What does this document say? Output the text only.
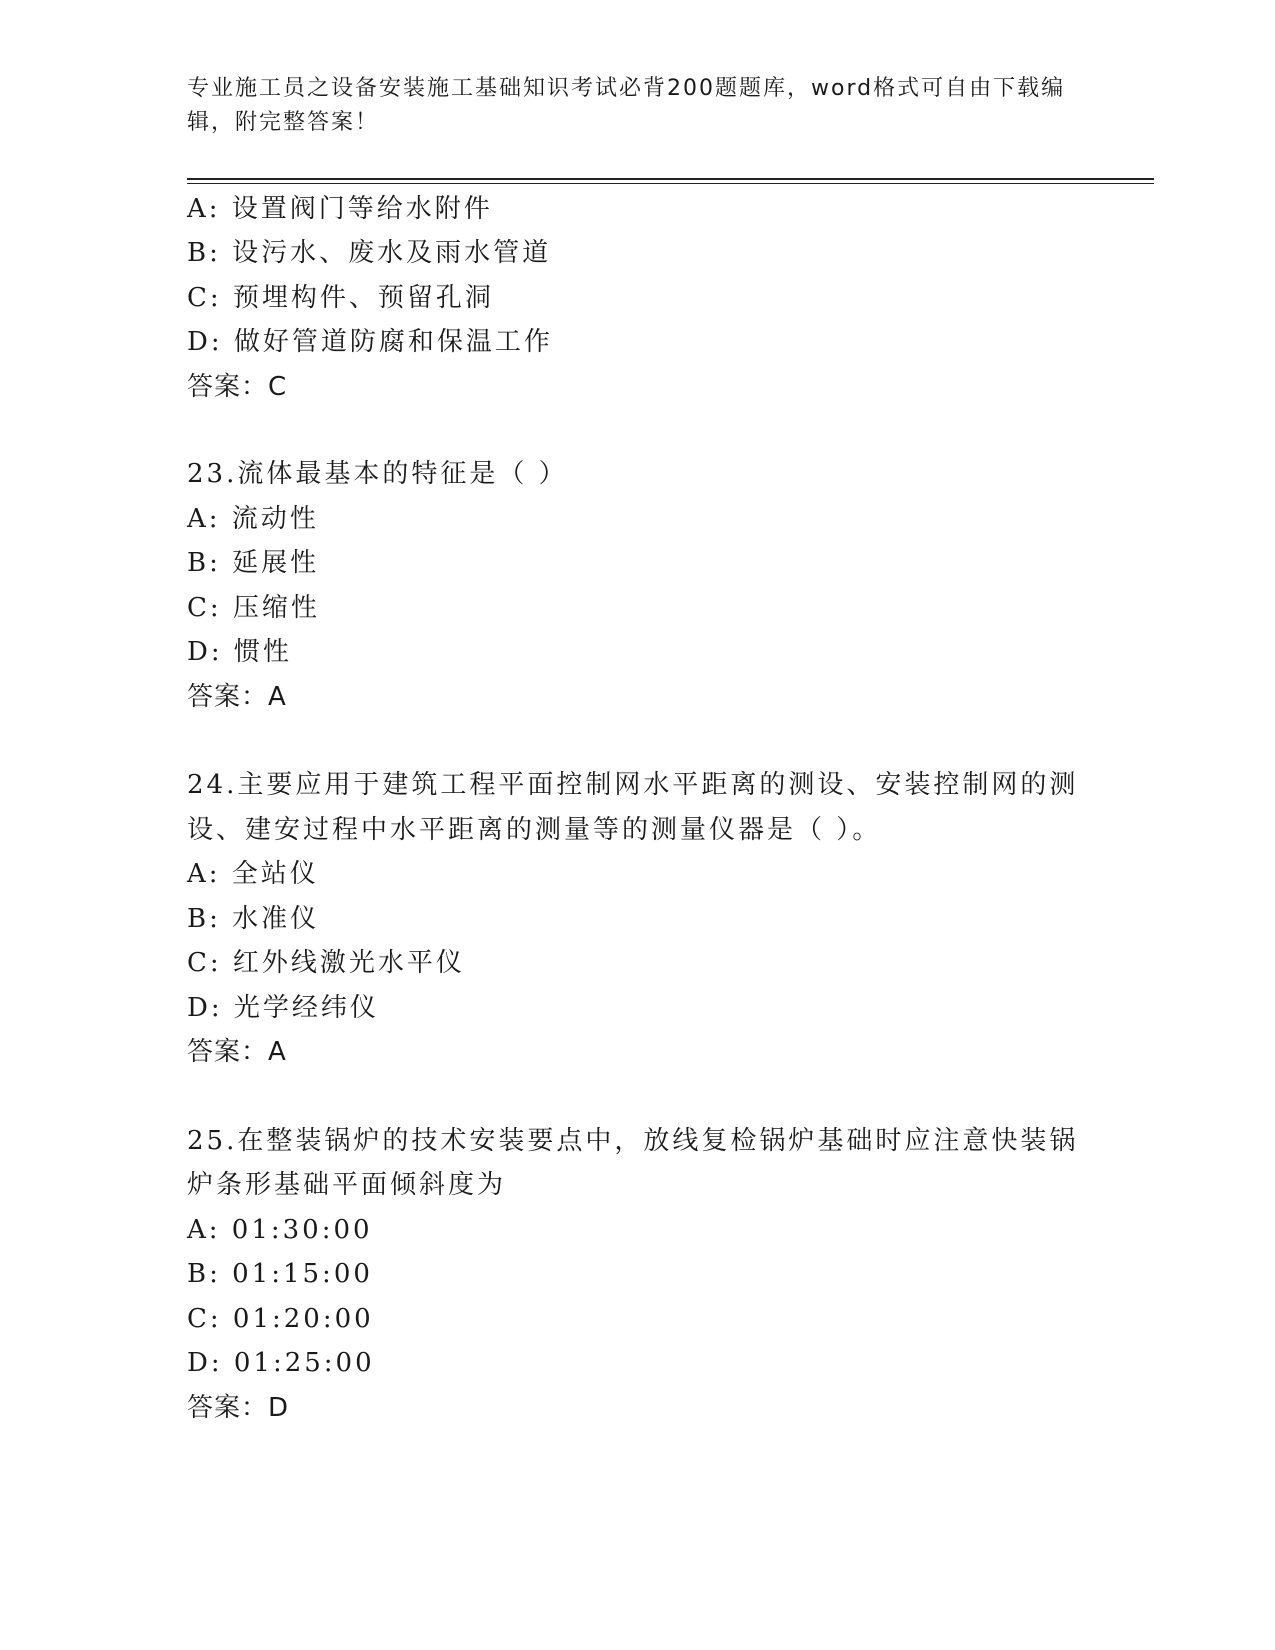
专业施工员之设备安装施工基础知识考试必背200题题库，word格式可自由下载编辑，附完整答案！
A: 设置阀门等给水附件
B: 设污水、废水及雨水管道
C: 预埋构件、预留孔洞
D: 做好管道防腐和保温工作
答案：C
23.流体最基本的特征是（ ）
A: 流动性
B: 延展性
C: 压缩性
D: 惯性
答案：A
24.主要应用于建筑工程平面控制网水平距离的测设、安装控制网的测
设、建安过程中水平距离的测量等的测量仪器是（ ）。
A: 全站仪
B: 水准仪
C: 红外线激光水平仪
D: 光学经纬仪
答案：A
25.在整装锅炉的技术安装要点中，放线复检锅炉基础时应注意快装锅
炉条形基础平面倾斜度为
A: 01:30:00
B: 01:15:00
C: 01:20:00
D: 01:25:00
答案：D
